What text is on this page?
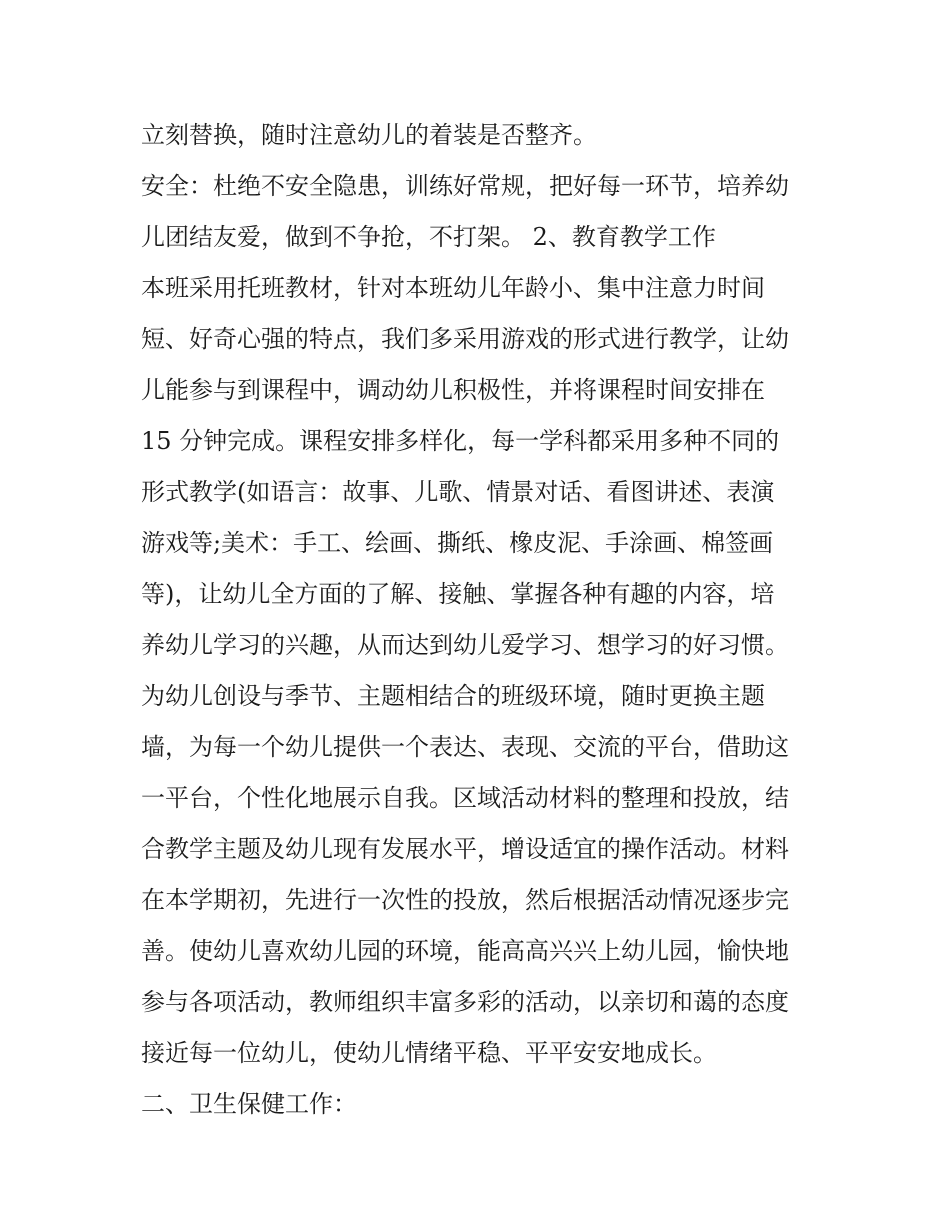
立刻替换，随时注意幼儿的着装是否整齐。
安全：杜绝不安全隐患，训练好常规，把好每一环节，培养幼
儿团结友爱，做到不争抢，不打架。 2、教育教学工作
本班采用托班教材，针对本班幼儿年龄小、集中注意力时间
短、好奇心强的特点，我们多采用游戏的形式进行教学，让幼
儿能参与到课程中，调动幼儿积极性，并将课程时间安排在
15 分钟完成。课程安排多样化，每一学科都采用多种不同的
形式教学(如语言：故事、儿歌、情景对话、看图讲述、表演
游戏等;美术：手工、绘画、撕纸、橡皮泥、手涂画、棉签画
等)，让幼儿全方面的了解、接触、掌握各种有趣的内容，培
养幼儿学习的兴趣，从而达到幼儿爱学习、想学习的好习惯。
为幼儿创设与季节、主题相结合的班级环境，随时更换主题
墙，为每一个幼儿提供一个表达、表现、交流的平台，借助这
一平台，个性化地展示自我。区域活动材料的整理和投放，结
合教学主题及幼儿现有发展水平，增设适宜的操作活动。材料
在本学期初，先进行一次性的投放，然后根据活动情况逐步完
善。使幼儿喜欢幼儿园的环境，能高高兴兴上幼儿园，愉快地
参与各项活动，教师组织丰富多彩的活动，以亲切和蔼的态度
接近每一位幼儿，使幼儿情绪平稳、平平安安地成长。
二、卫生保健工作：
